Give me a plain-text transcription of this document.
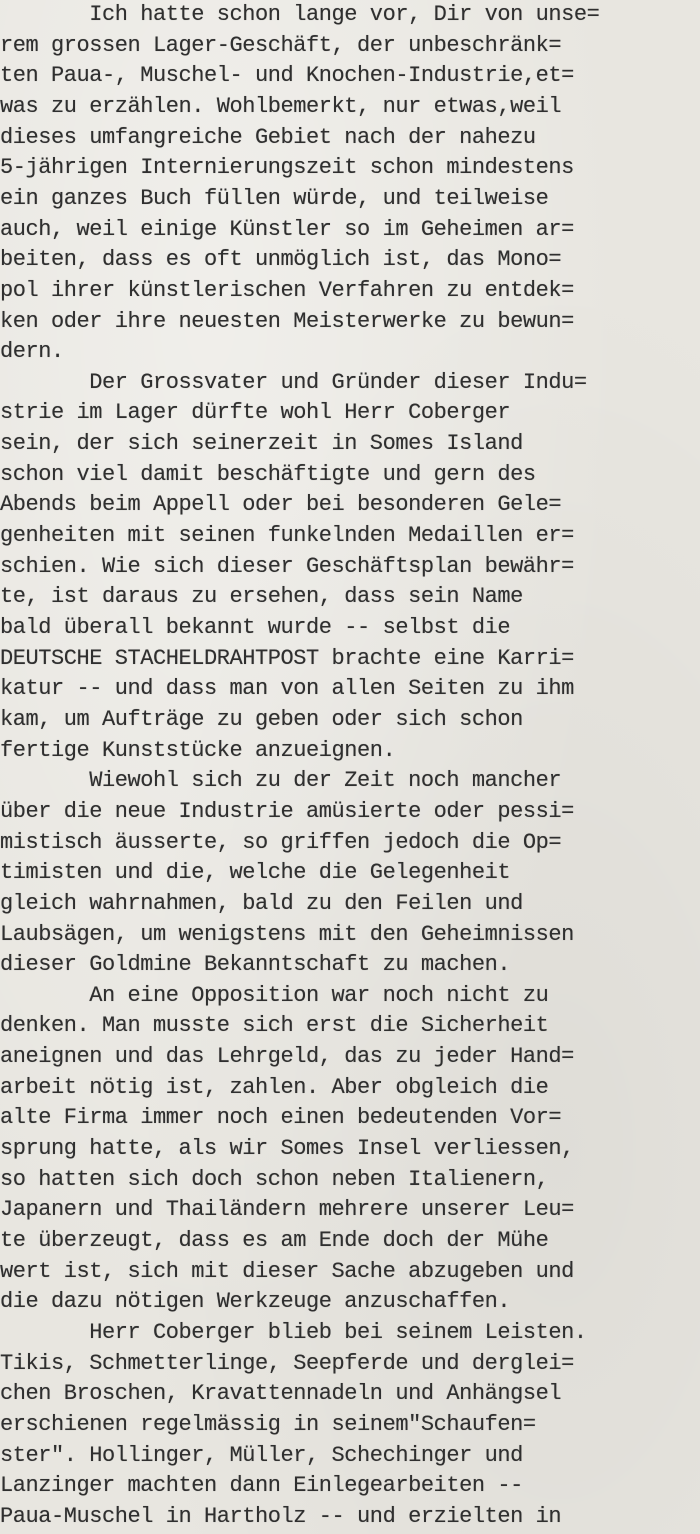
Ich hatte schon lange vor, Dir von unse=
rem grossen Lager-Geschäft, der unbeschränk=
ten Paua-, Muschel- und Knochen-Industrie,et=
was zu erzählen. Wohlbemerkt, nur etwas,weil
dieses umfangreiche Gebiet nach der nahezu
5-jährigen Internierungszeit schon mindestens
ein ganzes Buch füllen würde, und teilweise
auch, weil einige Künstler so im Geheimen ar=
beiten, dass es oft unmöglich ist, das Mono=
pol ihrer künstlerischen Verfahren zu entdek=
ken oder ihre neuesten Meisterwerke zu bewun=
dern.
Der Grossvater und Gründer dieser Indu=
strie im Lager dürfte wohl Herr Coberger
sein, der sich seinerzeit in Somes Island
schon viel damit beschäftigte und gern des
Abends beim Appell oder bei besonderen Gele=
genheiten mit seinen funkelnden Medaillen er=
schien. Wie sich dieser Geschäftsplan bewähr=
te, ist daraus zu ersehen, dass sein Name
bald überall bekannt wurde -- selbst die
DEUTSCHE STACHELDRAHTPOST brachte eine Karri=
katur -- und dass man von allen Seiten zu ihm
kam, um Aufträge zu geben oder sich schon
fertige Kunststücke anzueignen.
Wiewohl sich zu der Zeit noch mancher
über die neue Industrie amüsierte oder pessi=
mistisch äusserte, so griffen jedoch die Op=
timisten und die, welche die Gelegenheit
gleich wahrnahmen, bald zu den Feilen und
Laubsägen, um wenigstens mit den Geheimnissen
dieser Goldmine Bekanntschaft zu machen.
An eine Opposition war noch nicht zu
denken. Man musste sich erst die Sicherheit
aneignen und das Lehrgeld, das zu jeder Hand=
arbeit nötig ist, zahlen. Aber obgleich die
alte Firma immer noch einen bedeutenden Vor=
sprung hatte, als wir Somes Insel verliessen,
so hatten sich doch schon neben Italienern,
Japanern und Thailändern mehrere unserer Leu=
te überzeugt, dass es am Ende doch der Mühe
wert ist, sich mit dieser Sache abzugeben und
die dazu nötigen Werkzeuge anzuschaffen.
Herr Coberger blieb bei seinem Leisten.
Tikis, Schmetterlinge, Seepferde und derglei=
chen Broschen, Kravattennadeln und Anhängsel
erschienen regelmässig in seinem"Schaufen=
ster". Hollinger, Müller, Schechinger und
Lanzinger machten dann Einlegearbeiten --
Paua-Muschel in Hartholz -- und erzielten in
